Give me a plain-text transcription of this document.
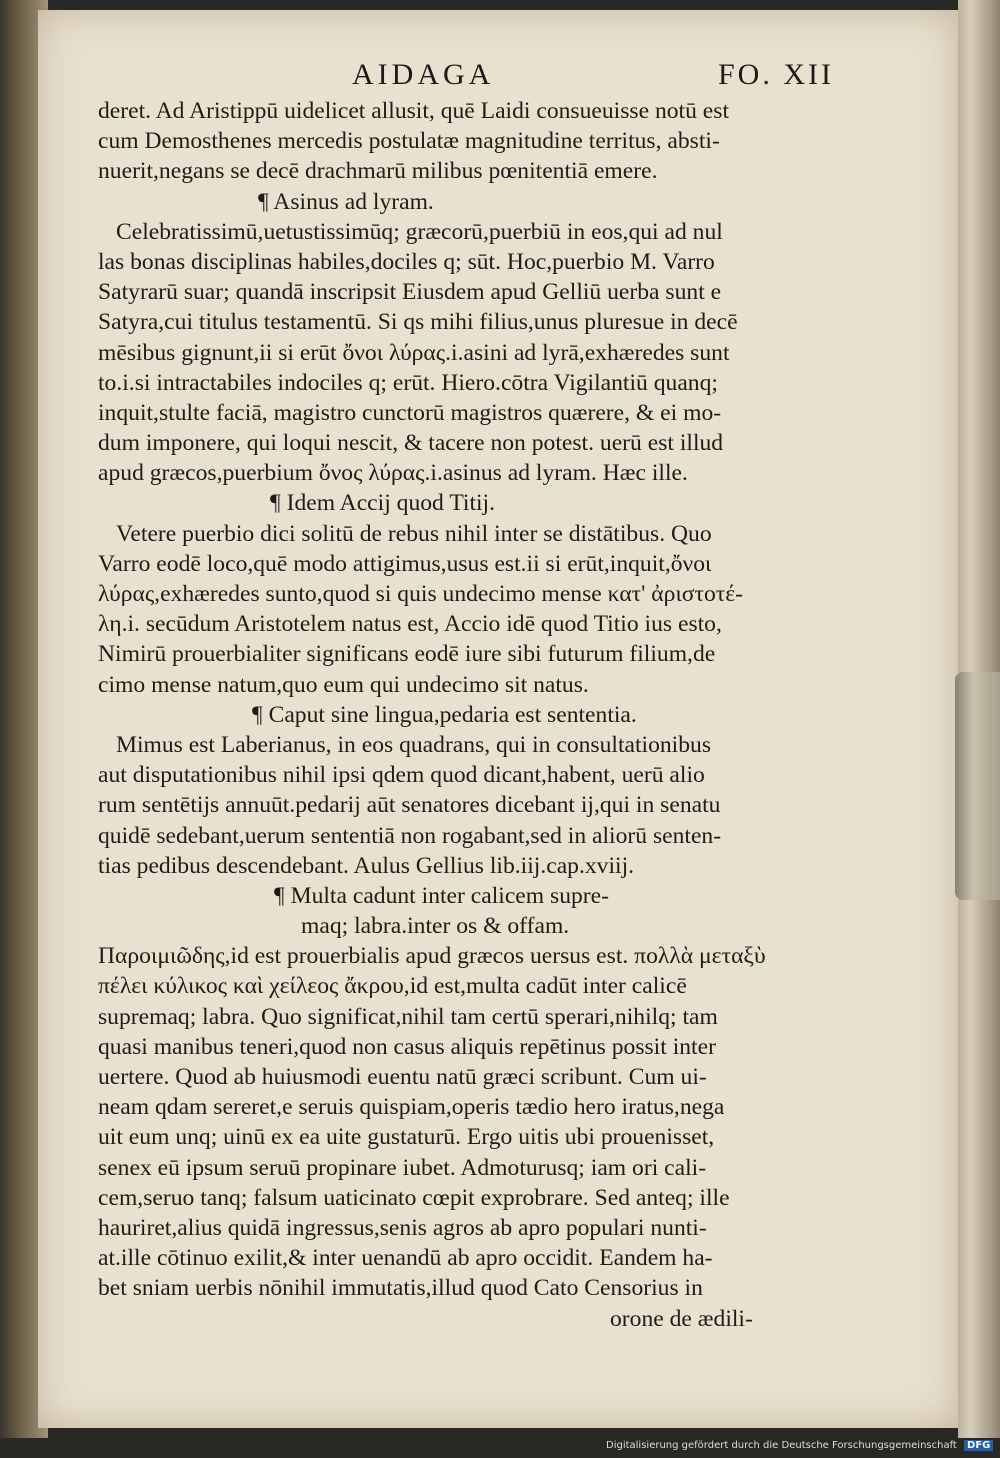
AIDAGA	FO. XII
deret. Ad Aristippū uidelicet allusit, quē Laidi consueuisse notū est
cum Demosthenes mercedis postulatæ magnitudine territus, absti-
nuerit,negans se decē drachmarū milibus pœnitentiā emere.
¶ Asinus ad lyram.
Celebratissimū,uetustissimūq; græcorū,puerbiū in eos,qui ad nul
las bonas disciplinas habiles,dociles q; sūt. Hoc,puerbio M. Varro
Satyrarū suar; quandā inscripsit Eiusdem apud Gelliū uerba sunt e
Satyra,cui titulus testamentū. Si qs mihi filius,unus pluresue in decē
mēsibus gignunt,ii si erūt ὄνοι λύρας.i.asini ad lyrā,exhæredes sunt
to.i.si intractabiles indociles q; erūt. Hiero.cōtra Vigilantiū quanq;
inquit,stulte faciā, magistro cunctorū magistros quærere, & ei mo-
dum imponere, qui loqui nescit, & tacere non potest. uerū est illud
apud græcos,puerbium ὄνος λύρας.i.asinus ad lyram. Hæc ille.
¶ Idem Accij quod Titij.
Vetere puerbio dici solitū de rebus nihil inter se distātibus. Quo
Varro eodē loco,quē modo attigimus,usus est.ii si erūt,inquit,ὄνοι
λύρας,exhæredes sunto,quod si quis undecimo mense κατ' ἀριστοτέ-
λη.i. secūdum Aristotelem natus est, Accio idē quod Titio ius esto,
Nimirū prouerbialiter significans eodē iure sibi futurum filium,de
cimo mense natum,quo eum qui undecimo sit natus.
¶ Caput sine lingua,pedaria est sententia.
Mimus est Laberianus, in eos quadrans, qui in consultationibus
aut disputationibus nihil ipsi qdem quod dicant,habent, uerū alio
rum sentētijs annuūt.pedarij aūt senatores dicebant ij,qui in senatu
quidē sedebant,uerum sententiā non rogabant,sed in aliorū senten-
tias pedibus descendebant. Aulus Gellius lib.iij.cap.xviij.
¶ Multa cadunt inter calicem supre-
maq; labra.inter os & offam.
Παροιμιῶδης,id est prouerbialis apud græcos uersus est. πολλὰ μεταξὺ
πέλει κύλικος καὶ χείλεος ἄκρου,id est,multa cadūt inter calicē
supremaq; labra. Quo significat,nihil tam certū sperari,nihilq; tam
quasi manibus teneri,quod non casus aliquis repētinus possit inter
uertere. Quod ab huiusmodi euentu natū græci scribunt. Cum ui-
neam qdam sereret,e seruis quispiam,operis tædio hero iratus,nega
uit eum unq; uinū ex ea uite gustaturū. Ergo uitis ubi prouenisset,
senex eū ipsum seruū propinare iubet. Admoturusq; iam ori cali-
cem,seruo tanq; falsum uaticinato cœpit exprobrare. Sed anteq; ille
hauriret,alius quidā ingressus,senis agros ab apro populari nunti-
at.ille cōtinuo exilit,& inter uenandū ab apro occidit. Eandem ha-
bet sniam uerbis nōnihil immutatis,illud quod Cato Censorius in
orone de ædili-
Digitalisierung gefördert durch die Deutsche Forschungsgemeinschaft DFG
